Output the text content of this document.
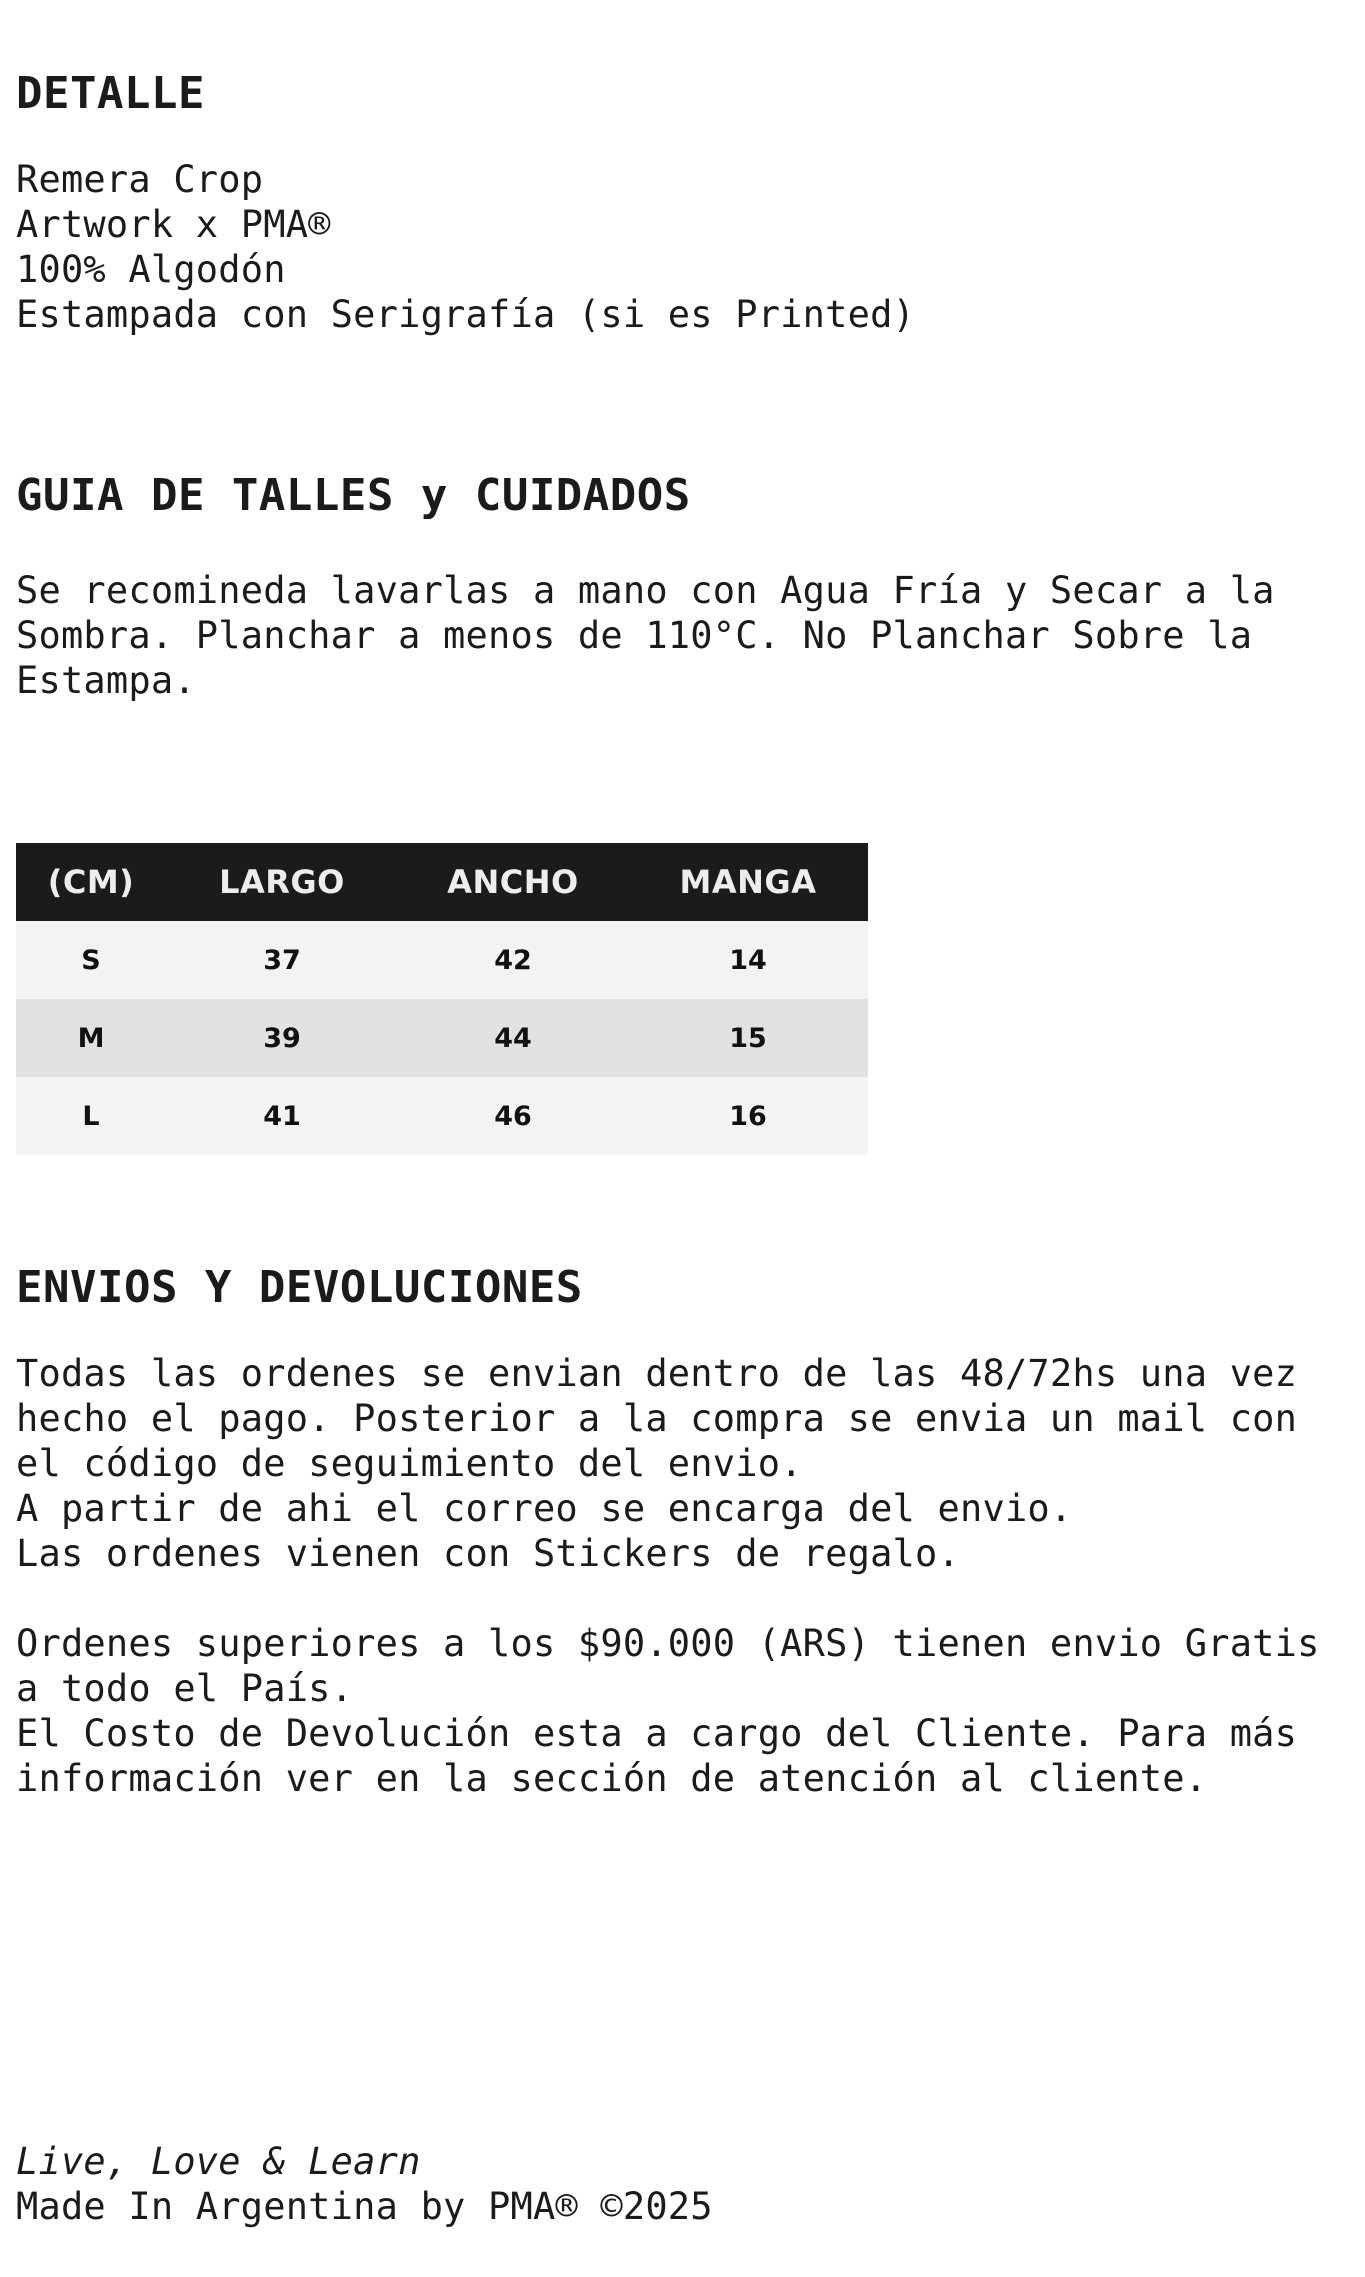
DETALLE
Remera Crop
Artwork x PMA®
100% Algodón
Estampada con Serigrafía (si es Printed)
GUIA DE TALLES y CUIDADOS
Se recomineda lavarlas a mano con Agua Fría y Secar a la
Sombra. Planchar a menos de 110°C. No Planchar Sobre la
Estampa.
(CM)	LARGO	ANCHO	MANGA
S	37	42	14
M	39	44	15
L	41	46	16
ENVIOS Y DEVOLUCIONES
Todas las ordenes se envian dentro de las 48/72hs una vez
hecho el pago. Posterior a la compra se envia un mail con
el código de seguimiento del envio.
A partir de ahi el correo se encarga del envio.
Las ordenes vienen con Stickers de regalo.

Ordenes superiores a los $90.000 (ARS) tienen envio Gratis
a todo el País.
El Costo de Devolución esta a cargo del Cliente. Para más
información ver en la sección de atención al cliente.
Live, Love & Learn
Made In Argentina by PMA® ©2025
